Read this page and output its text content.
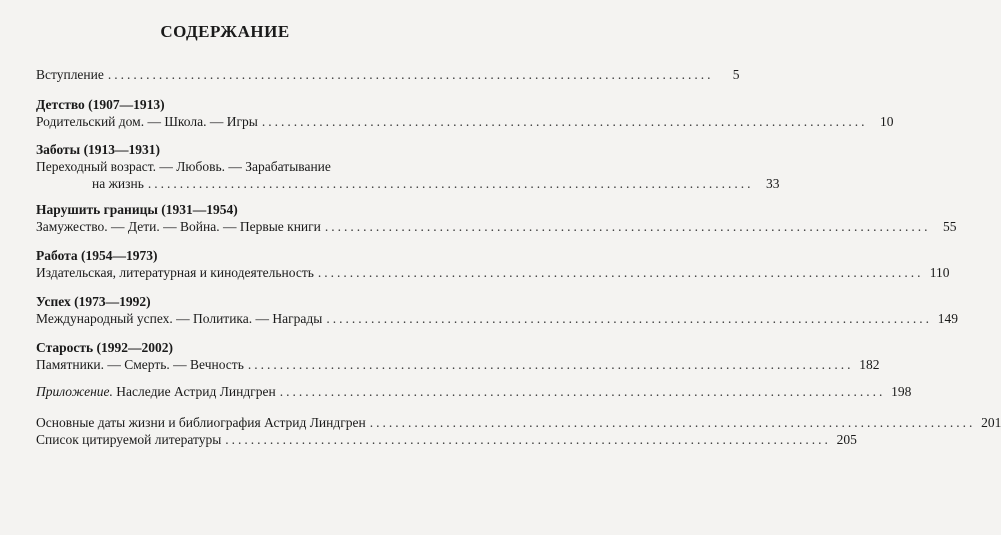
СОДЕРЖАНИЕ
Вступление ...............................................................................................	5
Детство (1907—1913)
Родительский дом. — Школа. — Игры ............................................................................................... 10
Заботы (1913—1931)
Переходный возраст. — Любовь. — Зарабатывание
на жизнь ............................................................................................... 33
Нарушить границы (1931—1954)
Замужество. — Дети. — Война. — Первые книги ............................................................................................... 55
Работа (1954—1973)
Издательская, литературная и кинодеятельность ............................................................................................... 110
Успех (1973—1992)
Международный успех. — Политика. — Награды ............................................................................................... 149
Старость (1992—2002)
Памятники. — Смерть. — Вечность ............................................................................................... 182
Приложение. Наследие Астрид Линдгрен ............................................................................................... 198
Основные даты жизни и библиография Астрид Линдгрен ............................................................................................... 201
Список цитируемой литературы ............................................................................................... 205
